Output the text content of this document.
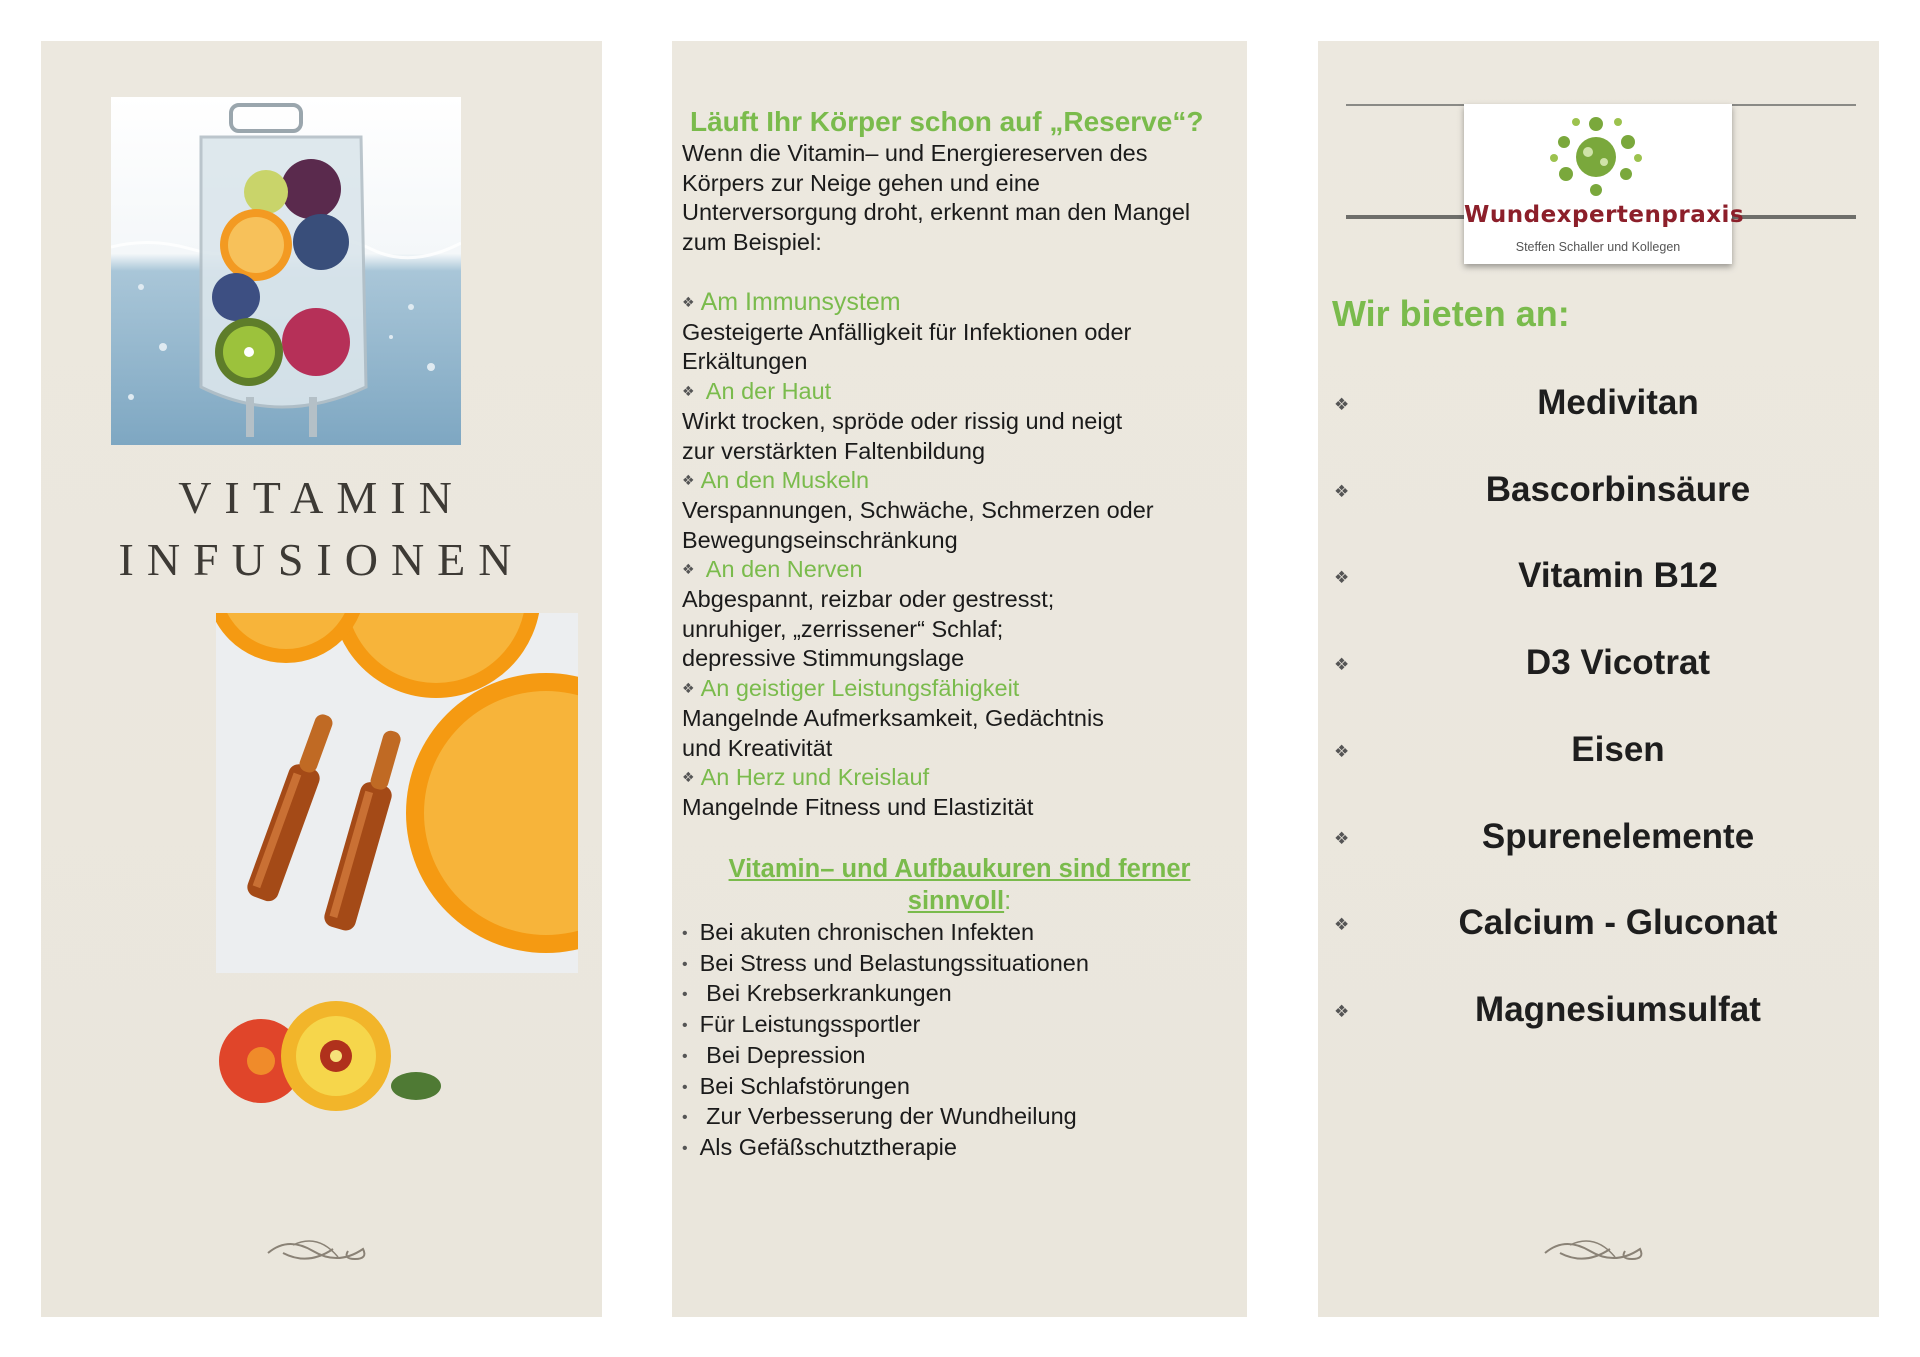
VITAMIN
INFUSIONEN
Läuft Ihr Körper schon auf „Reserve“?
Wenn die Vitamin– und Energiereserven des
Körpers zur Neige gehen und eine
Unterversorgung droht, erkennt man den Mangel
zum Beispiel:
❖ Am Immunsystem
Gesteigerte Anfälligkeit für Infektionen oder
Erkältungen
❖ An der Haut
Wirkt trocken, spröde oder rissig und neigt
zur verstärkten Faltenbildung
❖ An den Muskeln
Verspannungen, Schwäche, Schmerzen oder
Bewegungseinschränkung
❖ An den Nerven
Abgespannt, reizbar oder gestresst;
unruhiger, „zerrissener“ Schlaf;
depressive Stimmungslage
❖ An geistiger Leistungsfähigkeit
Mangelnde Aufmerksamkeit, Gedächtnis
und Kreativität
❖ An Herz und Kreislauf
Mangelnde Fitness und Elastizität
Vitamin– und Aufbaukuren sind ferner
sinnvoll:
• Bei akuten chronischen Infekten
• Bei Stress und Belastungssituationen
• Bei Krebserkrankungen
• Für Leistungssportler
• Bei Depression
• Bei Schlafstörungen
• Zur Verbesserung der Wundheilung
• Als Gefäßschutztherapie
Wundexpertenpraxis
Steffen Schaller und Kollegen
Wir bieten an:
❖	Medivitan
❖	Bascorbinsäure
❖	Vitamin B12
❖	D3 Vicotrat
❖	Eisen
❖	Spurenelemente
❖	Calcium - Gluconat
❖	Magnesiumsulfat
